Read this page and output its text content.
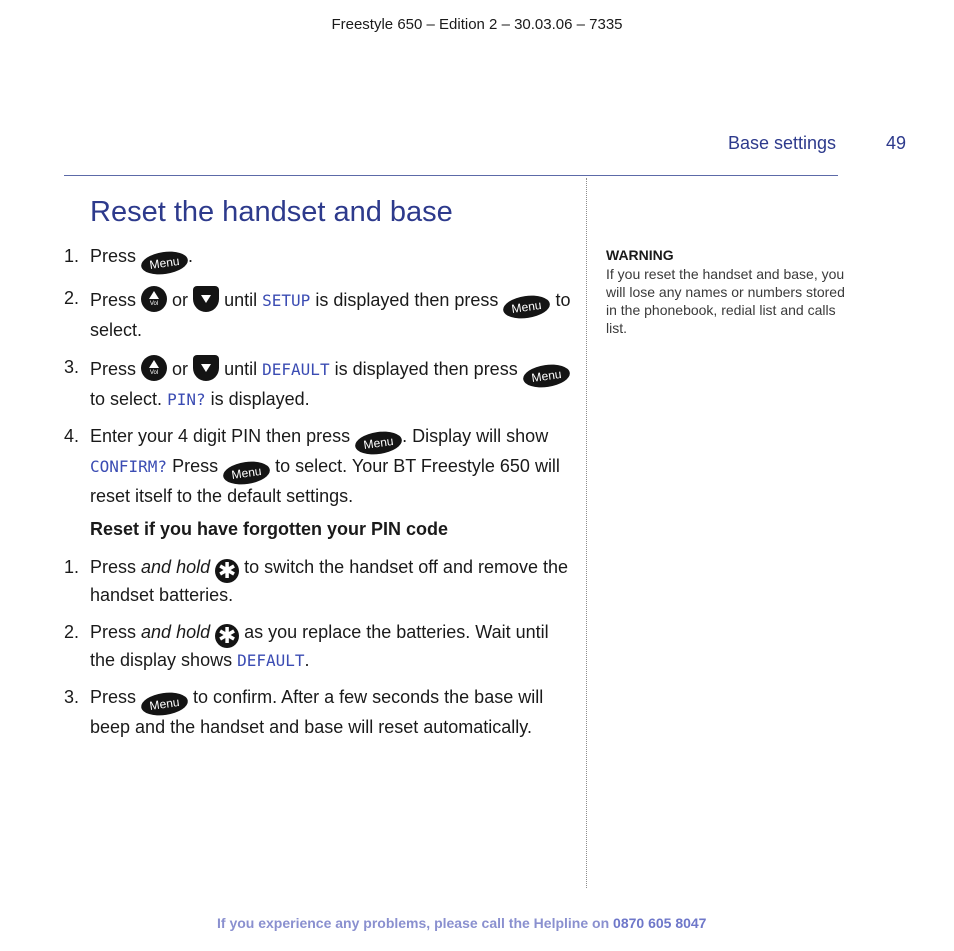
Freestyle 650 – Edition 2 – 30.03.06 – 7335
Base settings	49
Reset the handset and base
1. Press Menu .
2. Press	Vol or until SETUP is displayed then press Menu to select.
3. Press	Vol or until DEFAULT is displayed then press Menu to select. PIN? is displayed.
4. Enter your 4 digit PIN then press Menu . Display will show CONFIRM? Press Menu to select. Your BT Freestyle 650 will reset itself to the default settings.
Reset if you have forgotten your PIN code
1. Press and hold ✱ to switch the handset off and remove the handset batteries.
2. Press and hold ✱ as you replace the batteries. Wait until the display shows DEFAULT.
3. Press Menu to confirm. After a few seconds the base will beep and the handset and base will reset automatically.
WARNING
If you reset the handset and base, you will lose any names or numbers stored in the phonebook, redial list and calls list.
If you experience any problems, please call the Helpline on 0870 605 8047
